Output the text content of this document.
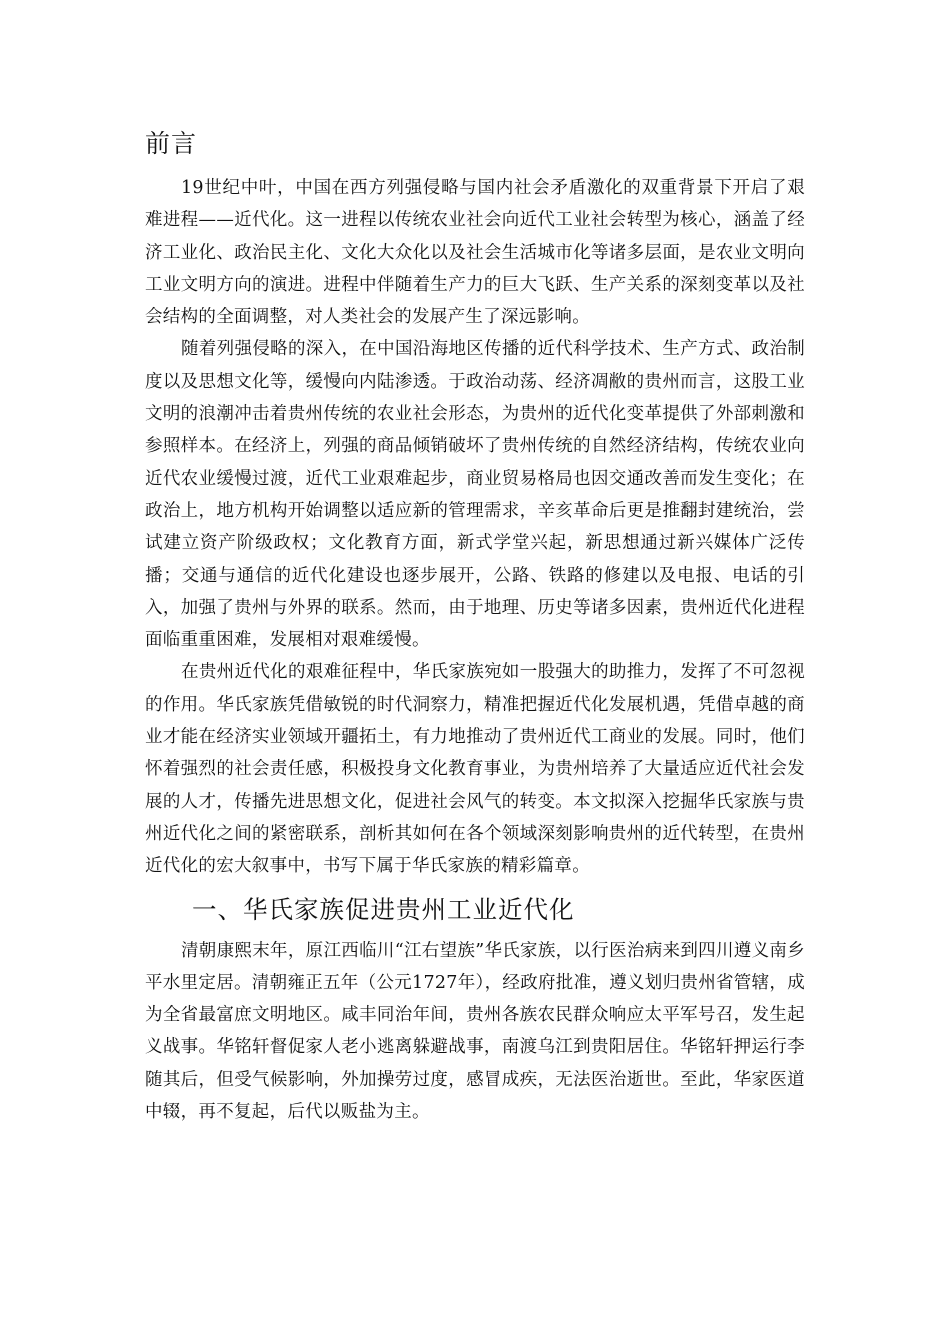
前言

19世纪中叶，中国在西方列强侵略与国内社会矛盾激化的双重背景下开启了艰难进程——近代化。这一进程以传统农业社会向近代工业社会转型为核心，涵盖了经济工业化、政治民主化、文化大众化以及社会生活城市化等诸多层面，是农业文明向工业文明方向的演进。进程中伴随着生产力的巨大飞跃、生产关系的深刻变革以及社会结构的全面调整，对人类社会的发展产生了深远影响。

随着列强侵略的深入，在中国沿海地区传播的近代科学技术、生产方式、政治制度以及思想文化等，缓慢向内陆渗透。于政治动荡、经济凋敝的贵州而言，这股工业文明的浪潮冲击着贵州传统的农业社会形态，为贵州的近代化变革提供了外部刺激和参照样本。在经济上，列强的商品倾销破坏了贵州传统的自然经济结构，传统农业向近代农业缓慢过渡，近代工业艰难起步，商业贸易格局也因交通改善而发生变化；在政治上，地方机构开始调整以适应新的管理需求，辛亥革命后更是推翻封建统治，尝试建立资产阶级政权；文化教育方面，新式学堂兴起，新思想通过新兴媒体广泛传播；交通与通信的近代化建设也逐步展开，公路、铁路的修建以及电报、电话的引入，加强了贵州与外界的联系。然而，由于地理、历史等诸多因素，贵州近代化进程面临重重困难，发展相对艰难缓慢。

在贵州近代化的艰难征程中，华氏家族宛如一股强大的助推力，发挥了不可忽视的作用。华氏家族凭借敏锐的时代洞察力，精准把握近代化发展机遇，凭借卓越的商业才能在经济实业领域开疆拓土，有力地推动了贵州近代工商业的发展。同时，他们怀着强烈的社会责任感，积极投身文化教育事业，为贵州培养了大量适应近代社会发展的人才，传播先进思想文化，促进社会风气的转变。本文拟深入挖掘华氏家族与贵州近代化之间的紧密联系，剖析其如何在各个领域深刻影响贵州的近代转型，在贵州近代化的宏大叙事中，书写下属于华氏家族的精彩篇章。

一、华氏家族促进贵州工业近代化

清朝康熙末年，原江西临川“江右望族”华氏家族，以行医治病来到四川遵义南乡平水里定居。清朝雍正五年（公元1727年），经政府批准，遵义划归贵州省管辖，成为全省最富庶文明地区。咸丰同治年间，贵州各族农民群众响应太平军号召，发生起义战事。华铭轩督促家人老小逃离躲避战事，南渡乌江到贵阳居住。华铭轩押运行李随其后，但受气候影响，外加操劳过度，感冒成疾，无法医治逝世。至此，华家医道中辍，再不复起，后代以贩盐为主。
